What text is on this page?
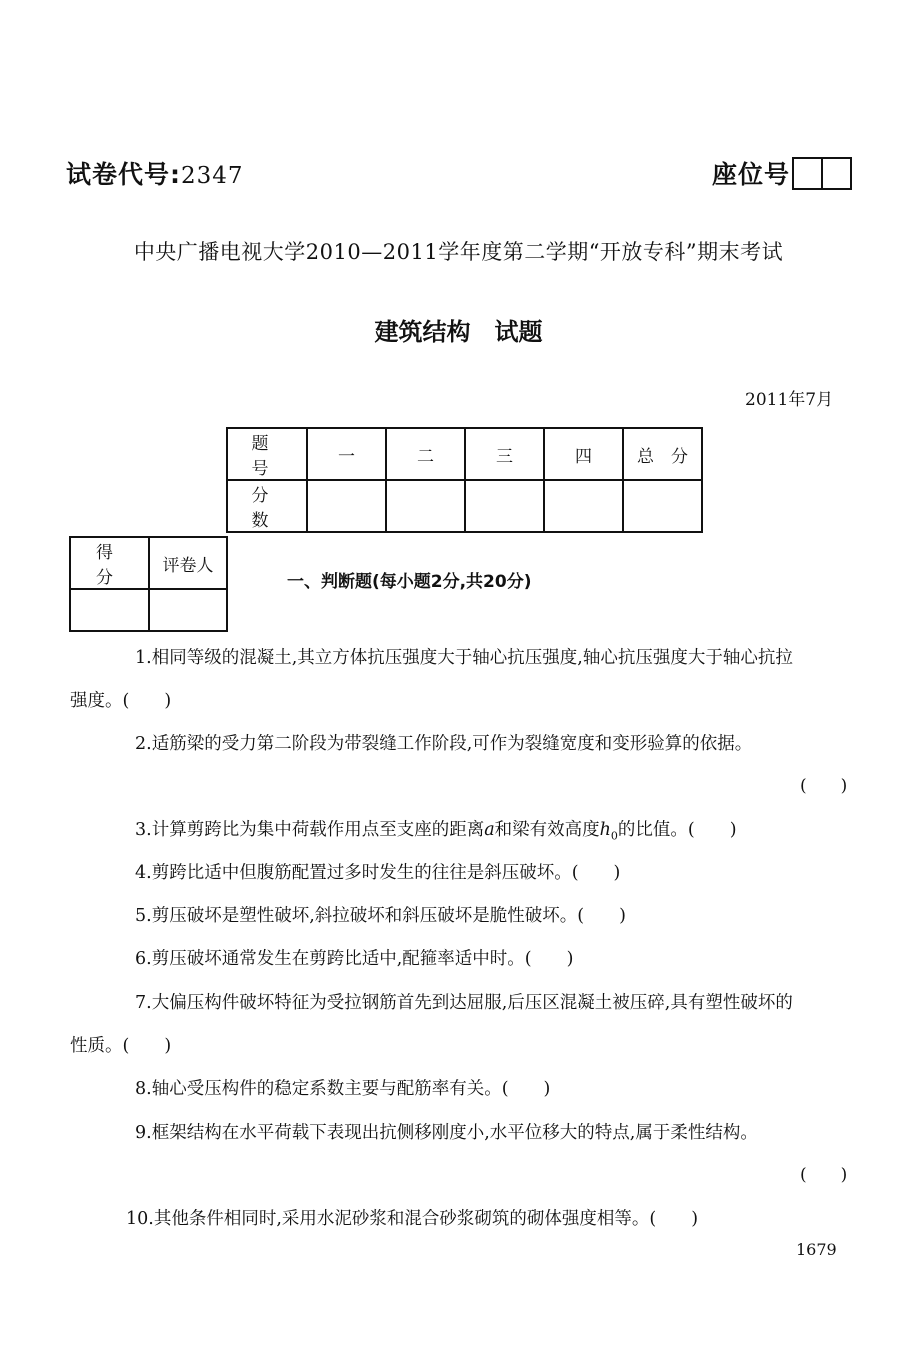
试卷代号:2347	座位号
中央广播电视大学2010—2011学年度第二学期“开放专科”期末考试
建筑结构　试题
2011年7月
题　号	一	二	三	四	总　分
分　数					
得　分	评卷人

一、判断题(每小题2分,共20分)
1.相同等级的混凝土,其立方体抗压强度大于轴心抗压强度,轴心抗压强度大于轴心抗拉
强度。(　　)
2.适筋梁的受力第二阶段为带裂缝工作阶段,可作为裂缝宽度和变形验算的依据。
(　　)
3.计算剪跨比为集中荷载作用点至支座的距离a和梁有效高度$h_0$的比值。(　　)
4.剪跨比适中但腹筋配置过多时发生的往往是斜压破坏。(　　)
5.剪压破坏是塑性破坏,斜拉破坏和斜压破坏是脆性破坏。(　　)
6.剪压破坏通常发生在剪跨比适中,配箍率适中时。(　　)
7.大偏压构件破坏特征为受拉钢筋首先到达屈服,后压区混凝土被压碎,具有塑性破坏的
性质。(　　)
8.轴心受压构件的稳定系数主要与配筋率有关。(　　)
9.框架结构在水平荷载下表现出抗侧移刚度小,水平位移大的特点,属于柔性结构。
(　　)
10.其他条件相同时,采用水泥砂浆和混合砂浆砌筑的砌体强度相等。(　　)
1679
